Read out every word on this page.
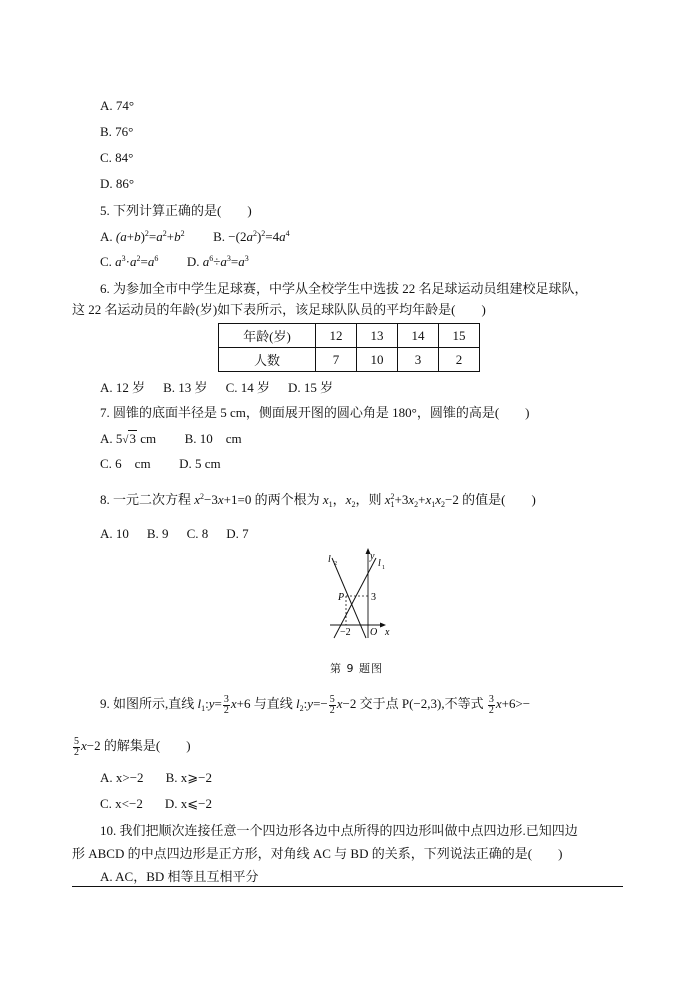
A. 74°
B. 76°
C. 84°
D. 86°
5. 下列计算正确的是(　　)
A. $(a+b)^2=a^2+b^2$ B. $-(2a^2)^2=4a^4$
C. $a^3\cdot a^2=a^6$ D. $a^6\div a^3=a^3$
6. 为参加全市中学生足球赛，中学从全校学生中选拔 22 名足球运动员组建校足球队，
这 22 名运动员的年龄(岁)如下表所示，该足球队队员的平均年龄是(　　)
年龄(岁)	12	13	14	15
人数	7	10	3	2
A. 12 岁 B. 13 岁 C. 14 岁 D. 15 岁
7. 圆锥的底面半径是 5 cm，侧面展开图的圆心角是 180°，圆锥的高是(　　)
A. 5√3 cm B. 10　cm
C. 6　cm D. 5 cm
8. 一元二次方程 $x^2-3x+1=0$ 的两个根为 $x_1$，$x_2$，则 $x_1^2+3x_2+x_1x_2-2$ 的值是(　　)
A. 10 B. 9 C. 8 D. 7
l 2	l 1
y
x
P	3
−2 O
第 9 题图
9. 如图所示,直线 $l_1:y= \frac{3}{2} x+6$ 与直线 $l_2:y=- \frac{5}{2} x-2$ 交于点 P(−2,3),不等式 $\frac{3}{2} x+6>-$
$\frac{5}{2} x-2$ 的解集是(　　)
A. x>−2 B. x⩾−2
C. x<−2 D. x⩽−2
10. 我们把顺次连接任意一个四边形各边中点所得的四边形叫做中点四边形.已知四边
形 ABCD 的中点四边形是正方形，对角线 AC 与 BD 的关系，下列说法正确的是(　　)
A. AC，BD 相等且互相平分
